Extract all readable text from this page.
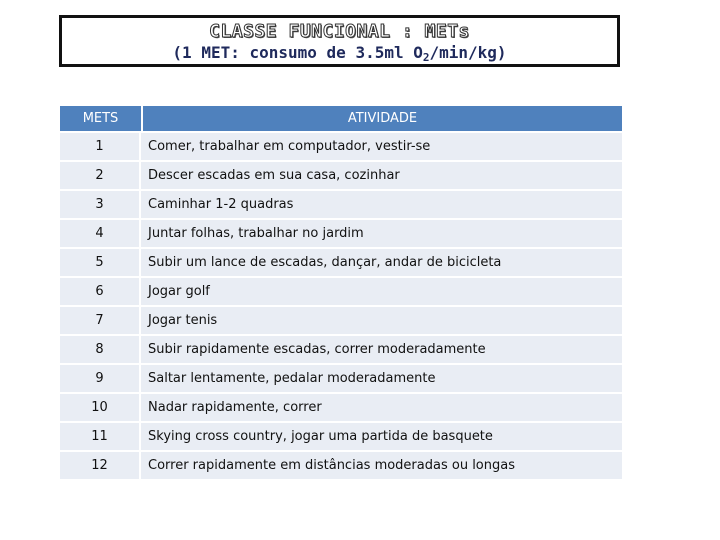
CLASSE FUNCIONAL : METs
(1 MET: consumo de 3.5ml $O_2/\min/kg$)
METS	ATIVIDADE
1	Comer, trabalhar em computador, vestir-se
2	Descer escadas em sua casa, cozinhar
3	Caminhar 1-2 quadras
4	Juntar folhas, trabalhar no jardim
5	Subir um lance de escadas, dançar, andar de bicicleta
6	Jogar golf
7	Jogar tenis
8	Subir rapidamente escadas, correr moderadamente
9	Saltar lentamente, pedalar moderadamente
10	Nadar rapidamente, correr
11	Skying cross country, jogar uma partida de basquete
12	Correr rapidamente em distâncias moderadas ou longas
